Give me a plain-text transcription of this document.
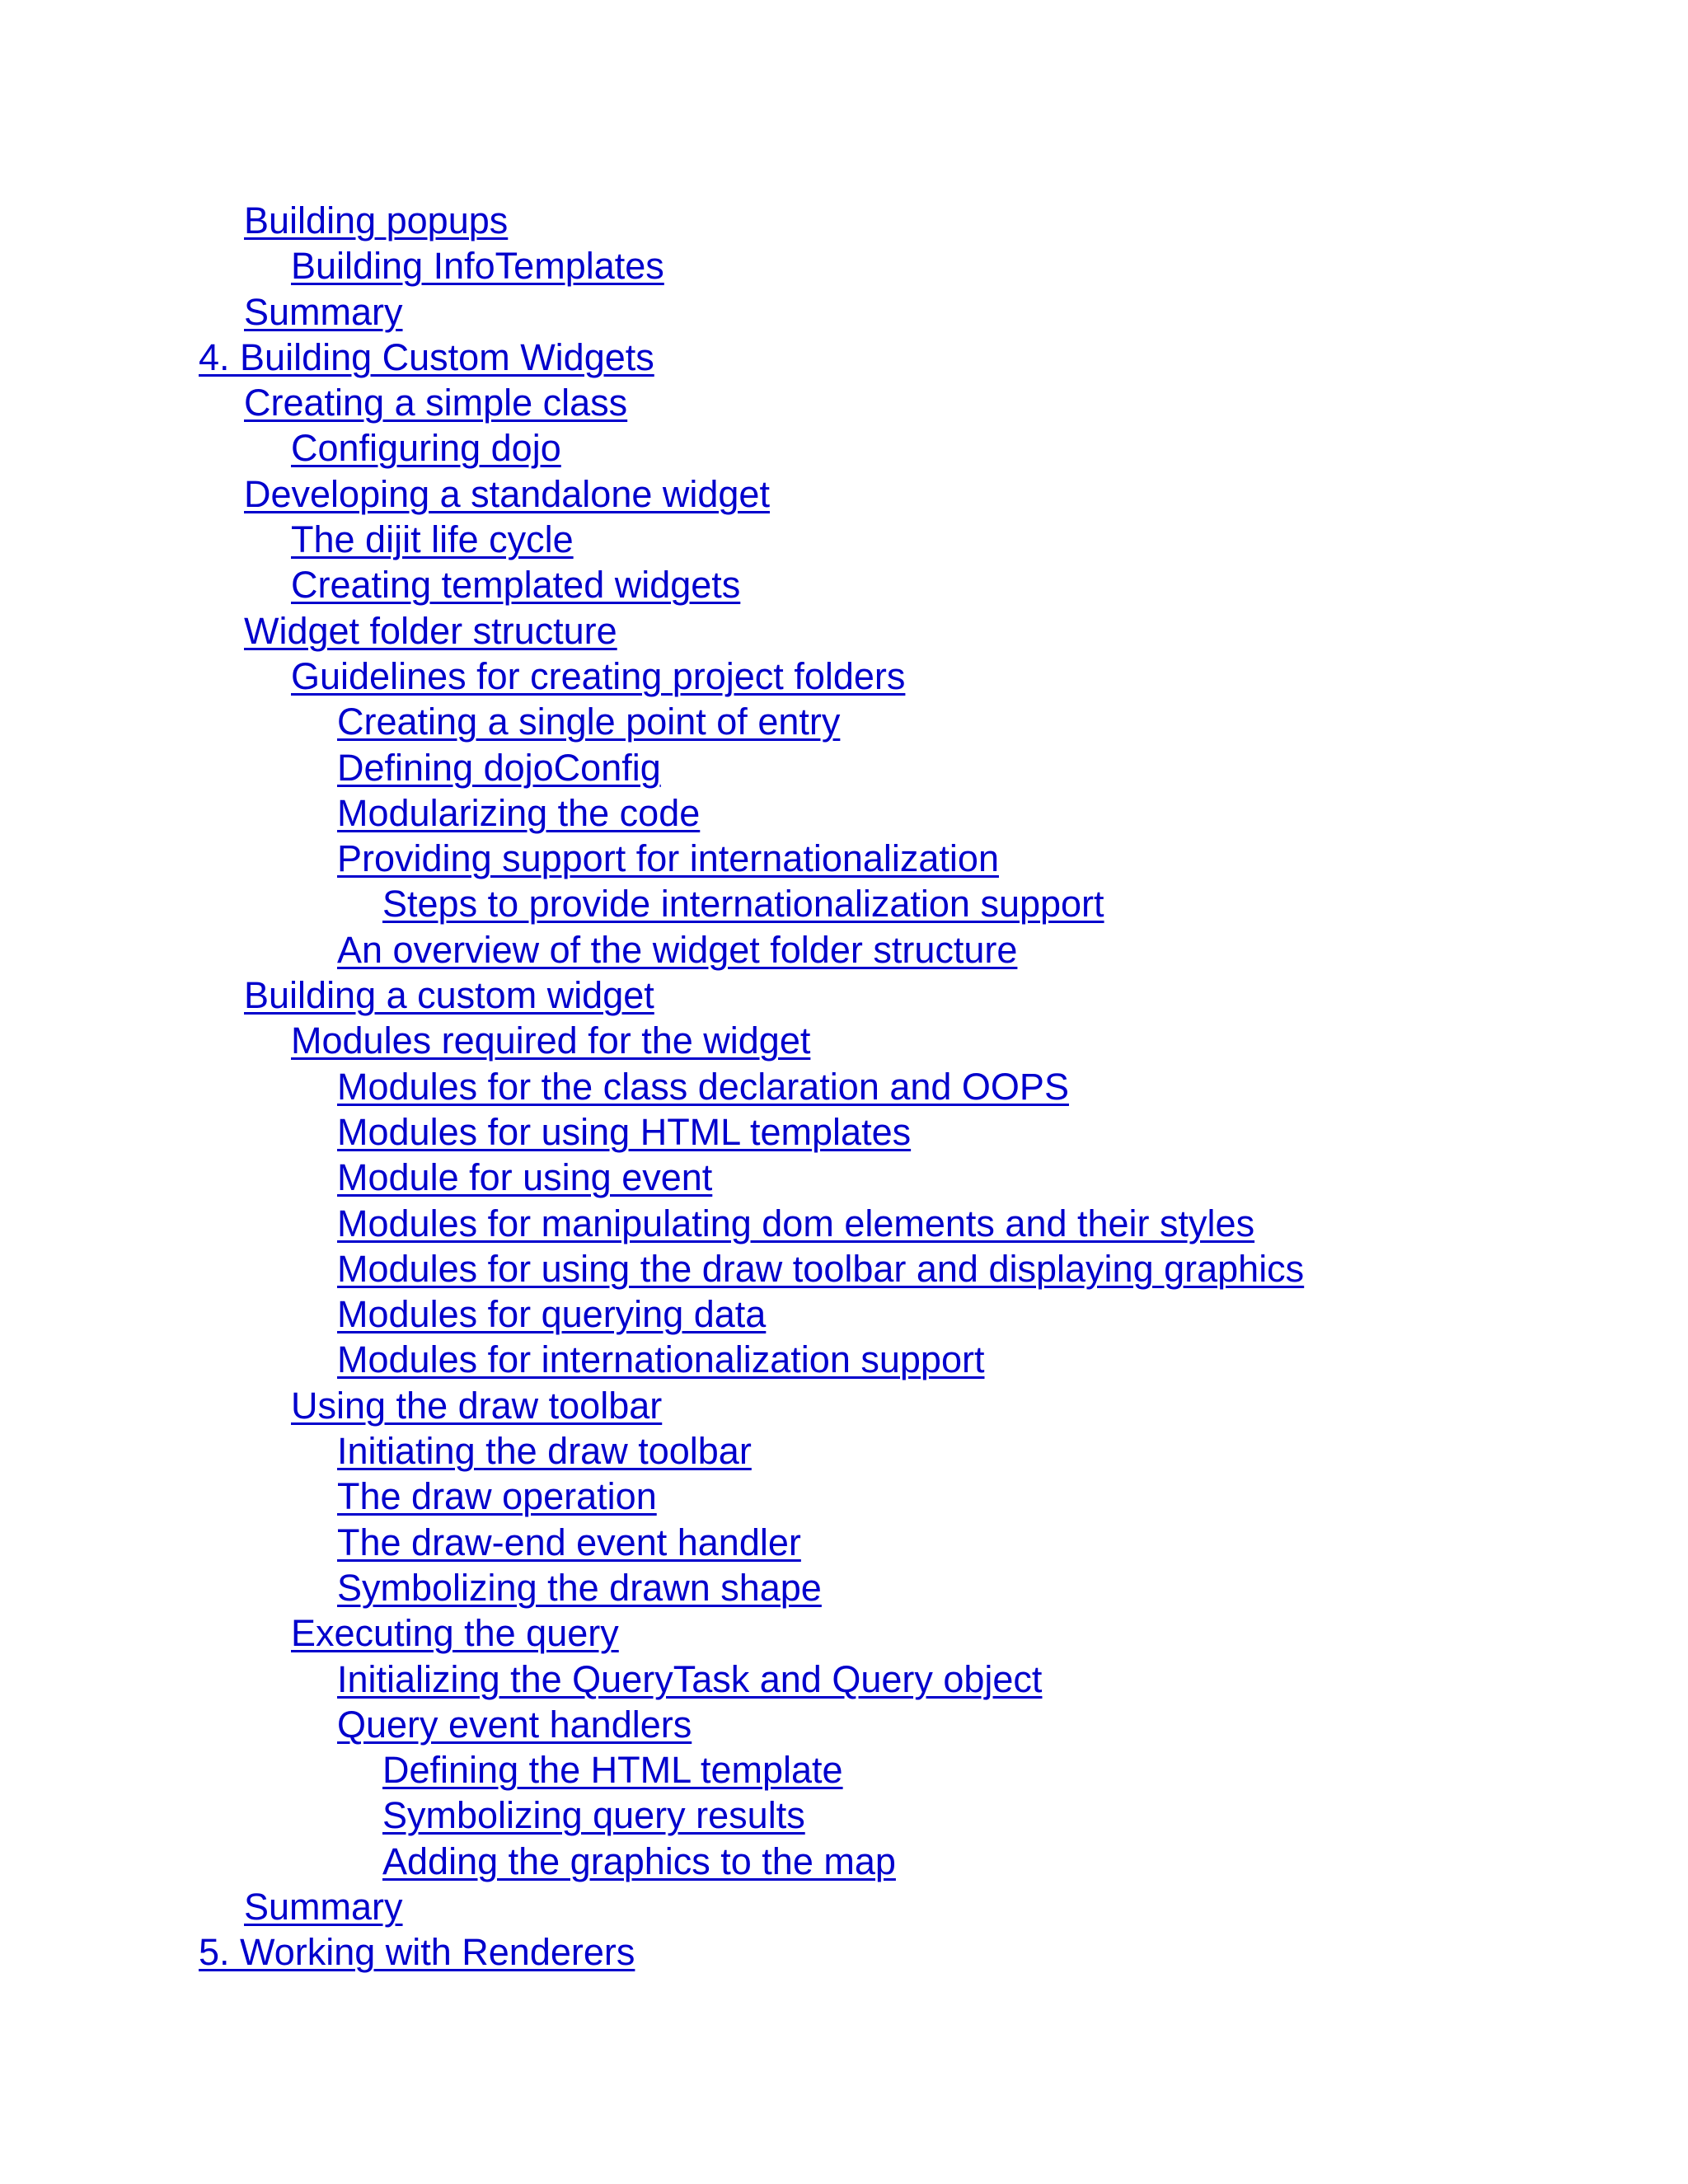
Building popups
Building InfoTemplates
Summary
4. Building Custom Widgets
Creating a simple class
Configuring dojo
Developing a standalone widget
The dijit life cycle
Creating templated widgets
Widget folder structure
Guidelines for creating project folders
Creating a single point of entry
Defining dojoConfig
Modularizing the code
Providing support for internationalization
Steps to provide internationalization support
An overview of the widget folder structure
Building a custom widget
Modules required for the widget
Modules for the class declaration and OOPS
Modules for using HTML templates
Module for using event
Modules for manipulating dom elements and their styles
Modules for using the draw toolbar and displaying graphics
Modules for querying data
Modules for internationalization support
Using the draw toolbar
Initiating the draw toolbar
The draw operation
The draw-end event handler
Symbolizing the drawn shape
Executing the query
Initializing the QueryTask and Query object
Query event handlers
Defining the HTML template
Symbolizing query results
Adding the graphics to the map
Summary
5. Working with Renderers
